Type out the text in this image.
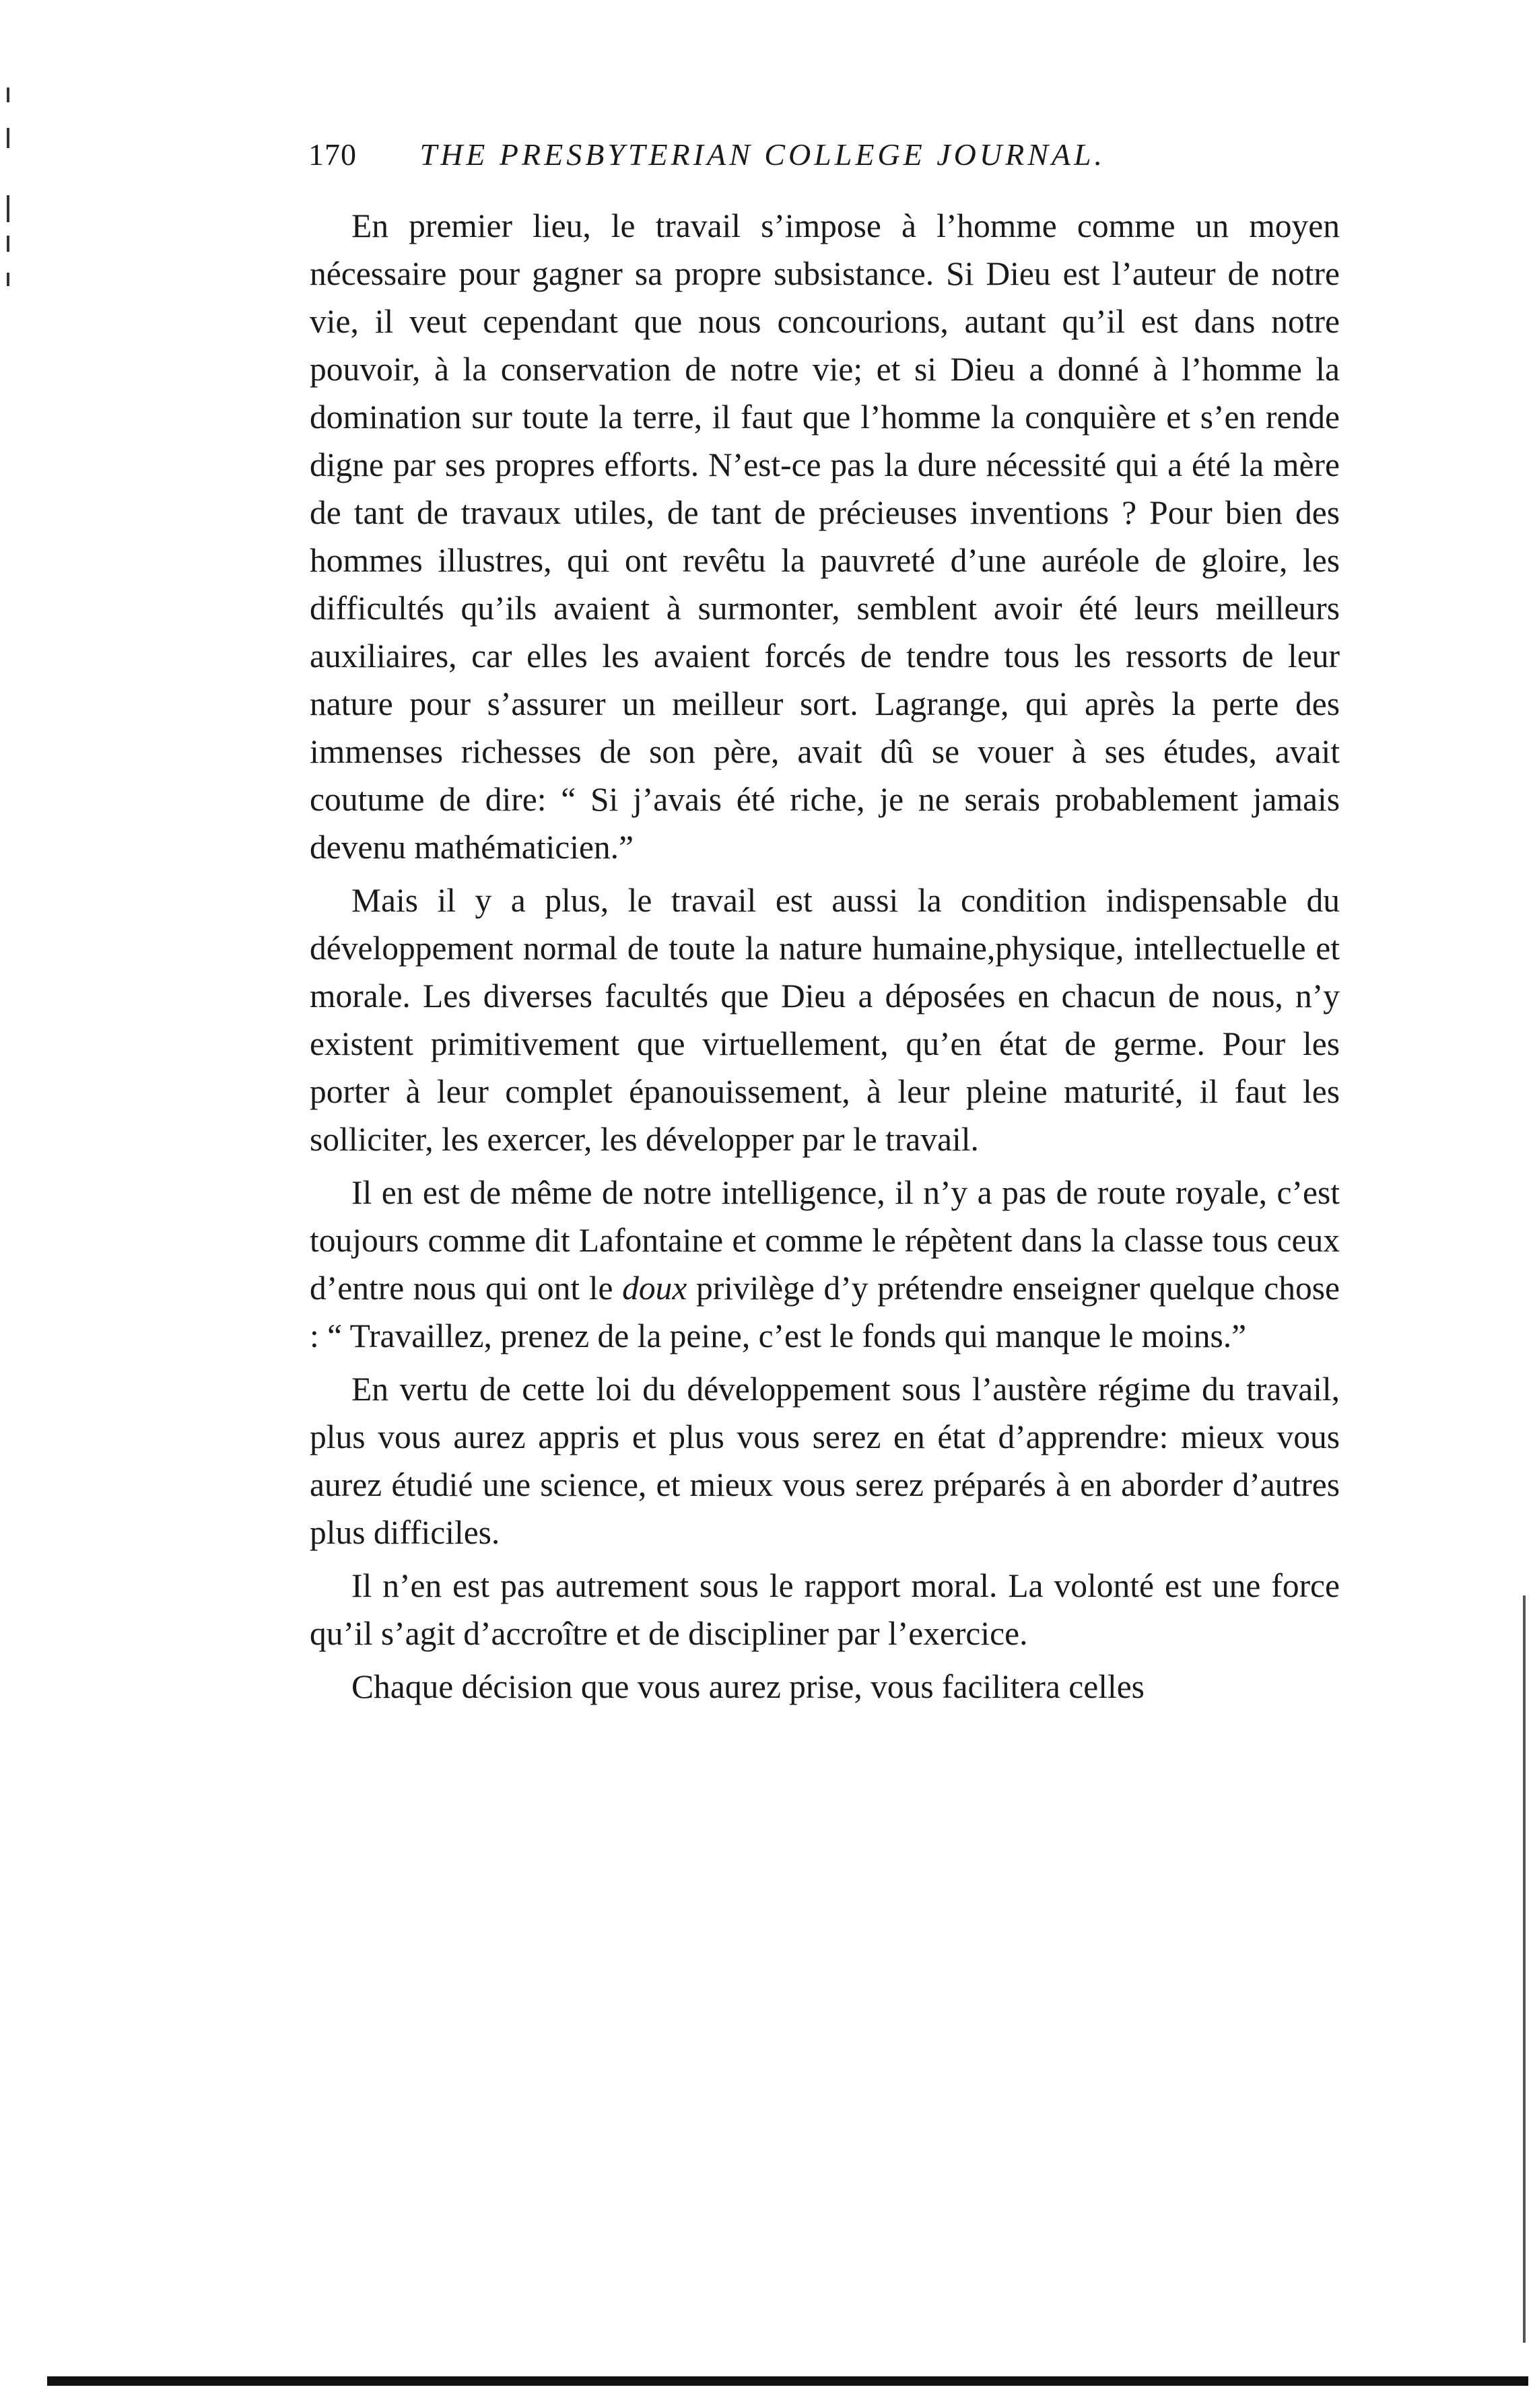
170 THE PRESBYTERIAN COLLEGE JOURNAL.

En premier lieu, le travail s’impose à l’homme comme un moyen nécessaire pour gagner sa propre subsistance. Si Dieu est l’auteur de notre vie, il veut cependant que nous concourions, autant qu’il est dans notre pouvoir, à la conservation de notre vie; et si Dieu a donné à l’homme la domination sur toute la terre, il faut que l’homme la conquière et s’en rende digne par ses propres efforts. N’est-ce pas la dure nécessité qui a été la mère de tant de travaux utiles, de tant de précieuses inventions ? Pour bien des hommes illustres, qui ont revêtu la pauvreté d’une auréole de gloire, les difficultés qu’ils avaient à surmonter, semblent avoir été leurs meilleurs auxiliaires, car elles les avaient forcés de tendre tous les ressorts de leur nature pour s’assurer un meilleur sort. Lagrange, qui après la perte des immenses richesses de son père, avait dû se vouer à ses études, avait coutume de dire: “ Si j’avais été riche, je ne serais probablement jamais devenu mathématicien.”

Mais il y a plus, le travail est aussi la condition indispensable du développement normal de toute la nature humaine,physique, intellectuelle et morale. Les diverses facultés que Dieu a déposées en chacun de nous, n’y existent primitivement que virtuellement, qu’en état de germe. Pour les porter à leur complet épanouissement, à leur pleine maturité, il faut les solliciter, les exercer, les développer par le travail.

Il en est de même de notre intelligence, il n’y a pas de route royale, c’est toujours comme dit Lafontaine et comme le répètent dans la classe tous ceux d’entre nous qui ont le doux privilège d’y prétendre enseigner quelque chose : “ Travaillez, prenez de la peine, c’est le fonds qui manque le moins.”

En vertu de cette loi du développement sous l’austère régime du travail, plus vous aurez appris et plus vous serez en état d’apprendre: mieux vous aurez étudié une science, et mieux vous serez préparés à en aborder d’autres plus difficiles.

Il n’en est pas autrement sous le rapport moral. La volonté est une force qu’il s’agit d’accroître et de discipliner par l’exercice.

Chaque décision que vous aurez prise, vous facilitera celles
